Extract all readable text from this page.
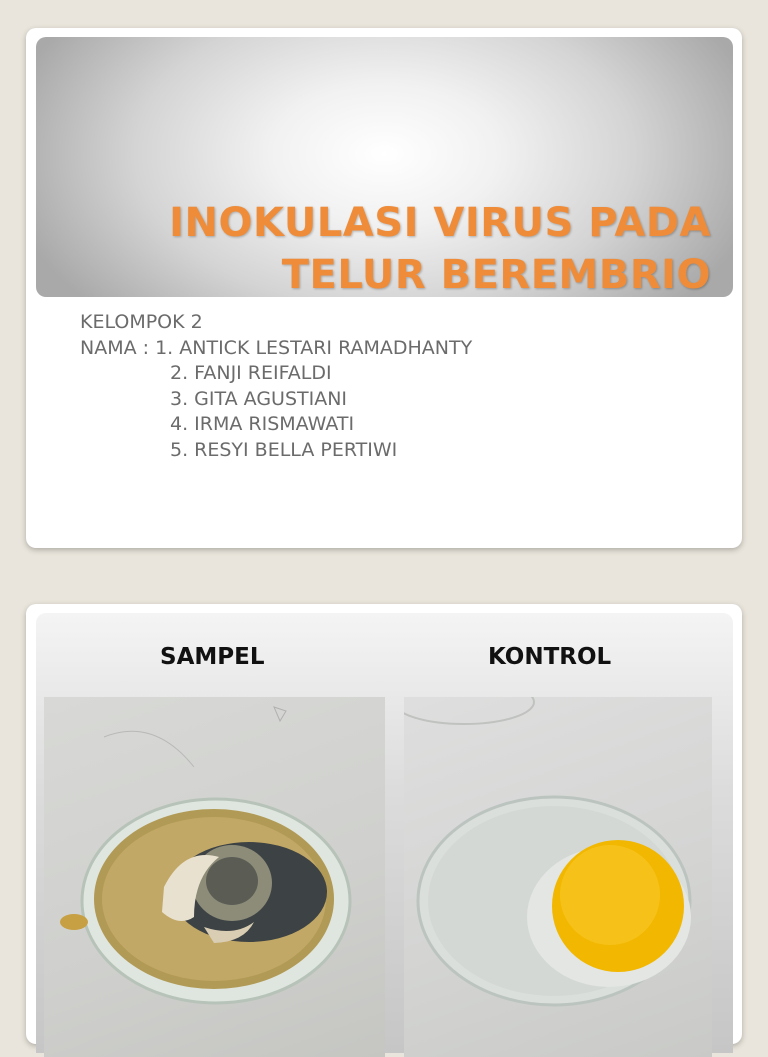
INOKULASI VIRUS PADA
TELUR BEREMBRIO
KELOMPOK 2
NAMA : 1. ANTICK LESTARI RAMADHANTY
2. FANJI REIFALDI
3. GITA AGUSTIANI
4. IRMA RISMAWATI
5. RESYI BELLA PERTIWI
SAMPEL	KONTROL
